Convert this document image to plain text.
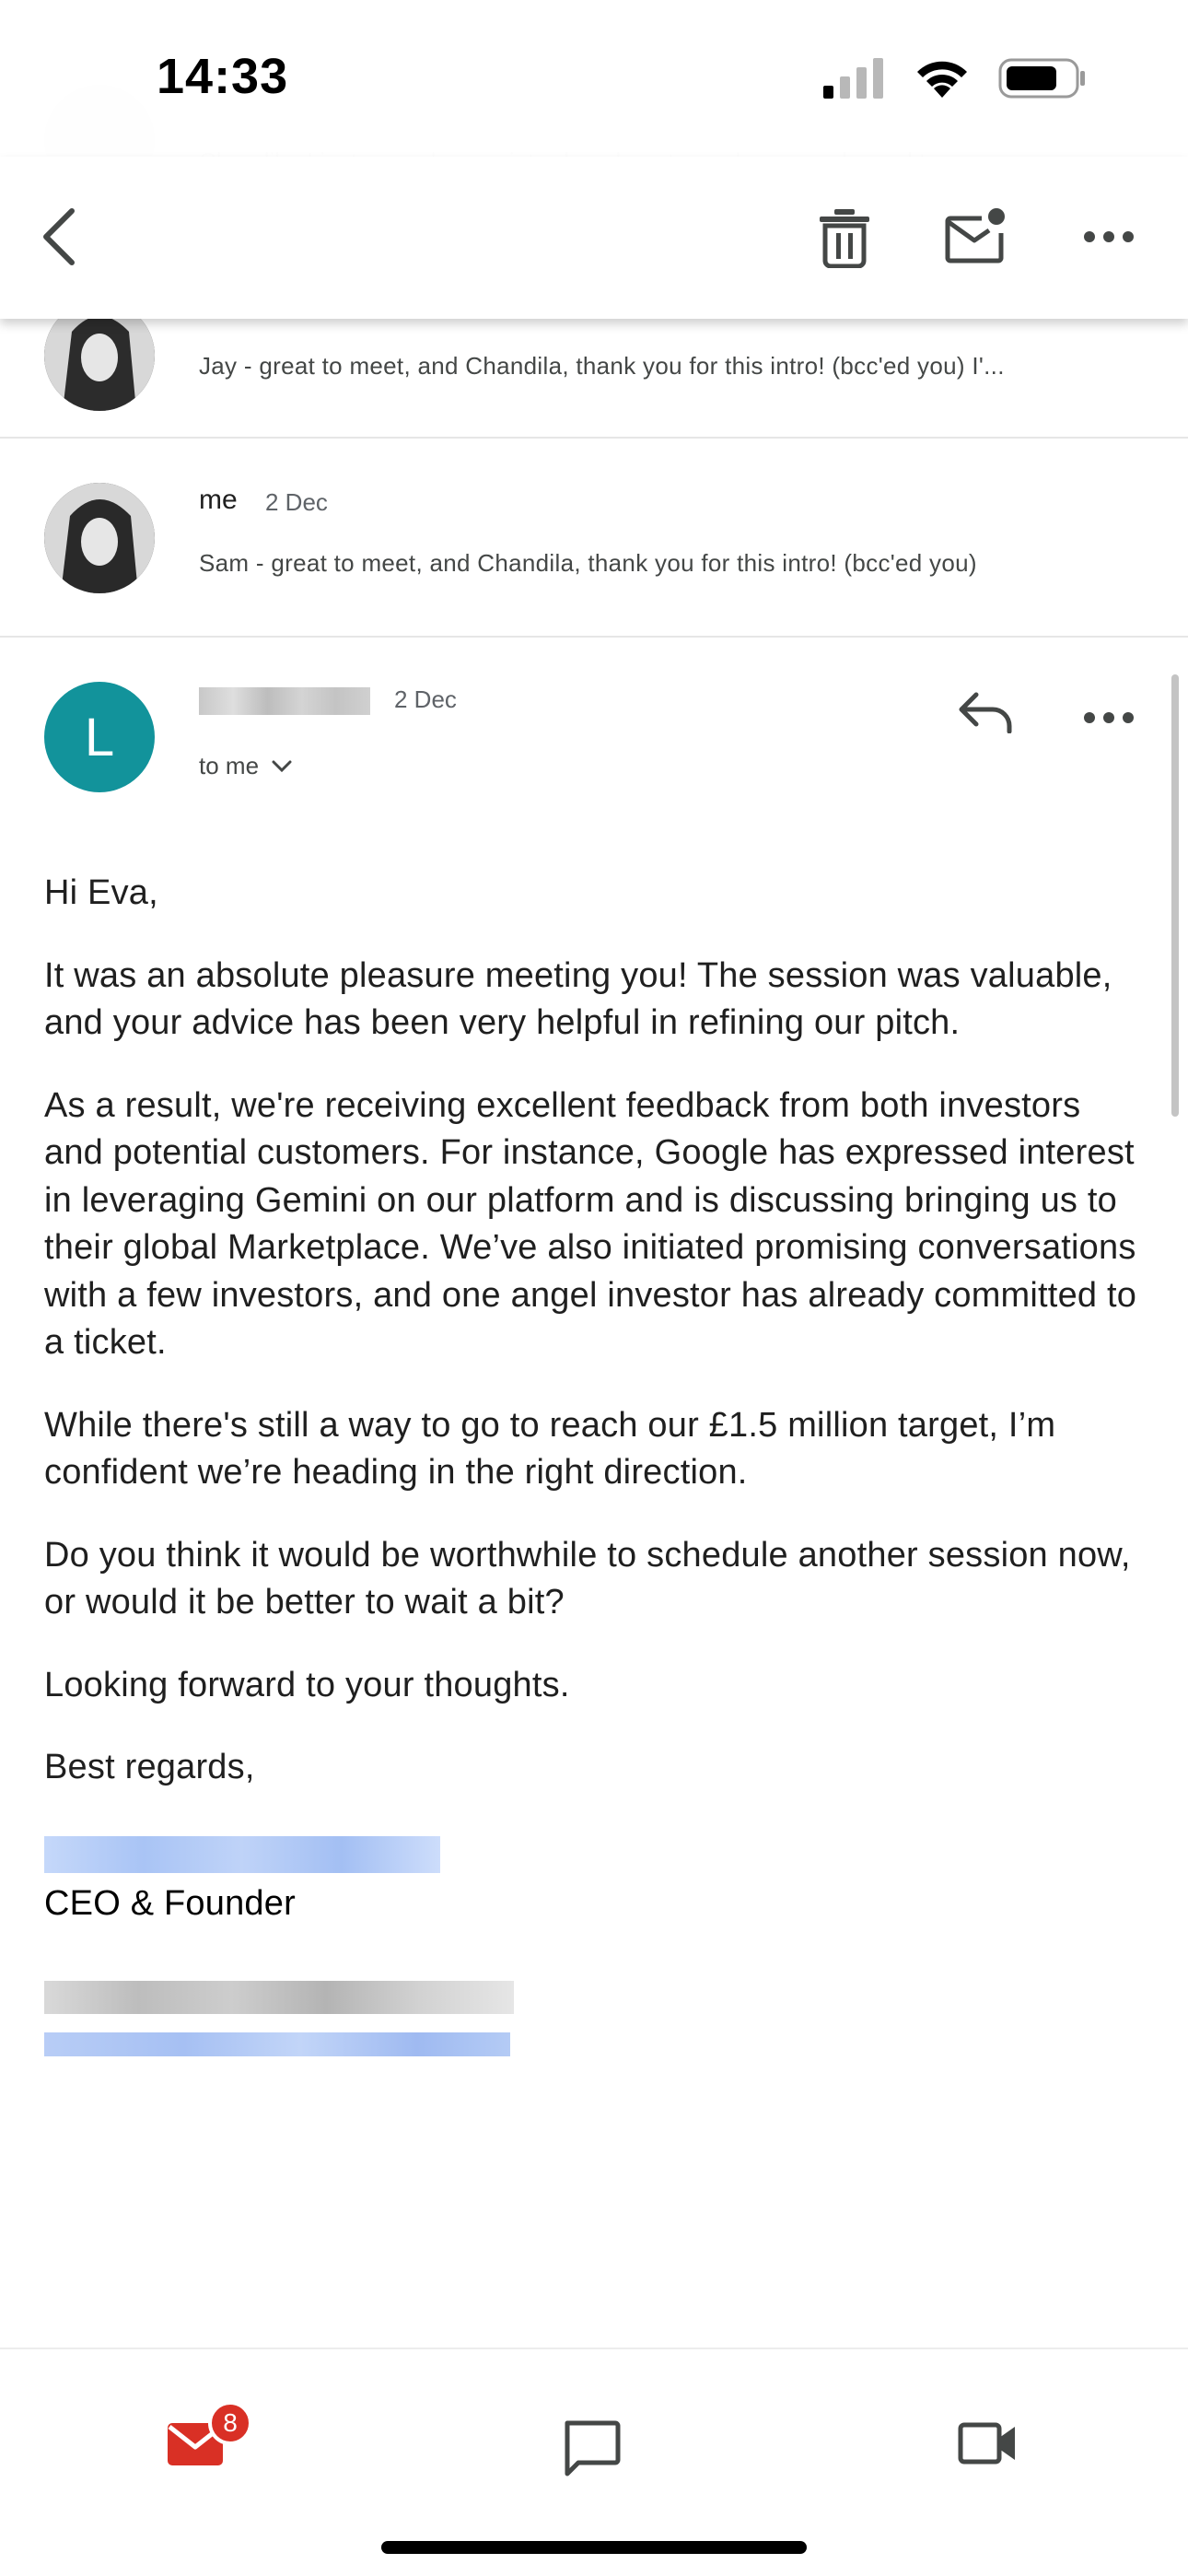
14:33
Jay - great to meet, and Chandila, thank you for this intro! (bcc'ed you) I'...
me 2 Dec
Sam - great to meet, and Chandila, thank you for this intro! (bcc'ed you)
L
2 Dec
to me

Hi Eva,

It was an absolute pleasure meeting you! The session was valuable, and your advice has been very helpful in refining our pitch.

As a result, we're receiving excellent feedback from both investors and potential customers. For instance, Google has expressed interest in leveraging Gemini on our platform and is discussing bringing us to their global Marketplace. We’ve also initiated promising conversations with a few investors, and one angel investor has already committed to a ticket.

While there's still a way to go to reach our £1.5 million target, I’m confident we’re heading in the right direction.

Do you think it would be worthwhile to schedule another session now, or would it be better to wait a bit?

Looking forward to your thoughts.

Best regards,

CEO & Founder
8
